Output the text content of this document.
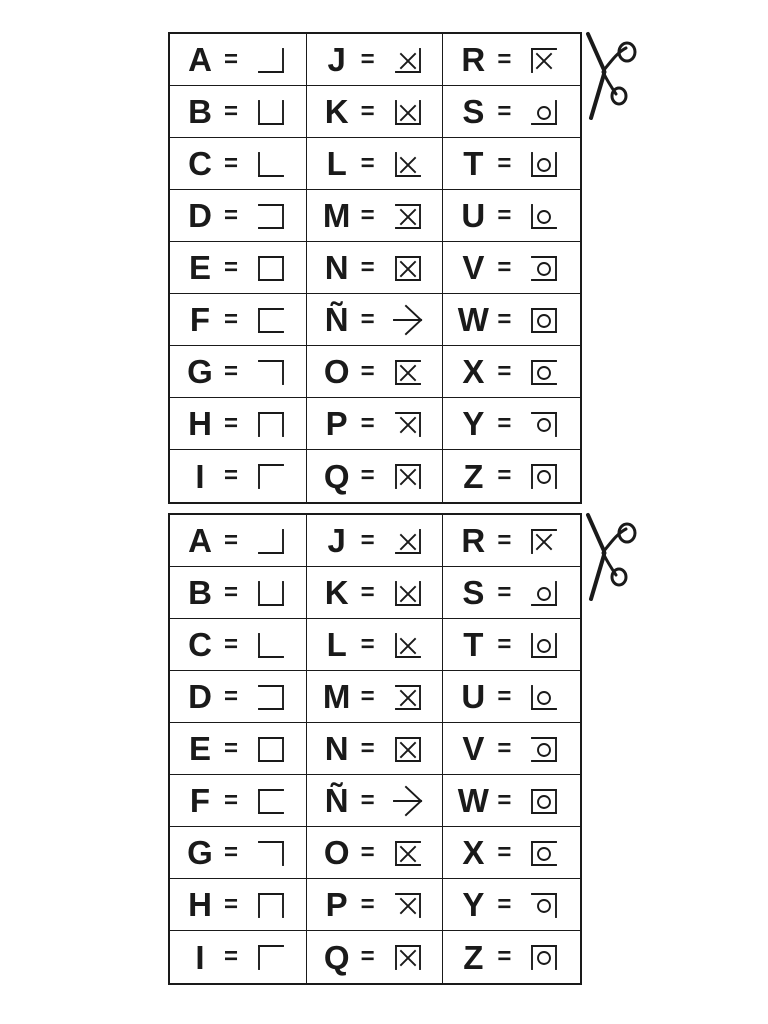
A =	J =	R =
B =	K =	S =
C =	L =	T =
D =	M =	U =
E =	N =	V =
F =	Ñ =	W =
G =	O =	X =
H =	P =	Y =
I =	Q =	Z =
A =	J =	R =
B =	K =	S =
C =	L =	T =
D =	M =	U =
E =	N =	V =
F =	Ñ =	W =
G =	O =	X =
H =	P =	Y =
I =	Q =	Z =
